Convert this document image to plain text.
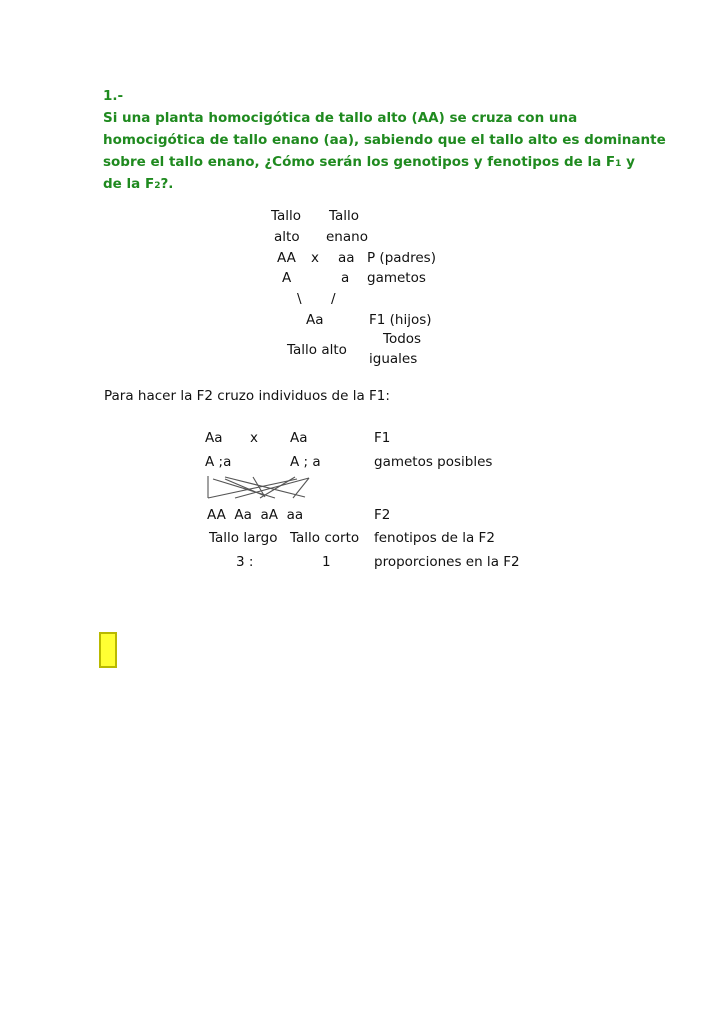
1.-
Si una planta homocigótica de tallo alto (AA) se cruza con una
homocigótica de tallo enano (aa), sabiendo que el tallo alto es dominante
sobre el tallo enano, ¿Cómo serán los genotipos y fenotipos de la F1 y
de la F2?.
Tallo Tallo
alto enano
AA x aa P (padres)
A	a gametos
\ /
Aa	F1 (hijos)
Todos
Tallo alto
iguales
Para hacer la F2 cruzo individuos de la F1:
Aa x Aa	F1
A ;a	A ; a	gametos posibles
AA  Aa  aA  aa	F2
Tallo largo Tallo corto fenotipos de la F2
3 :	1	proporciones en la F2
